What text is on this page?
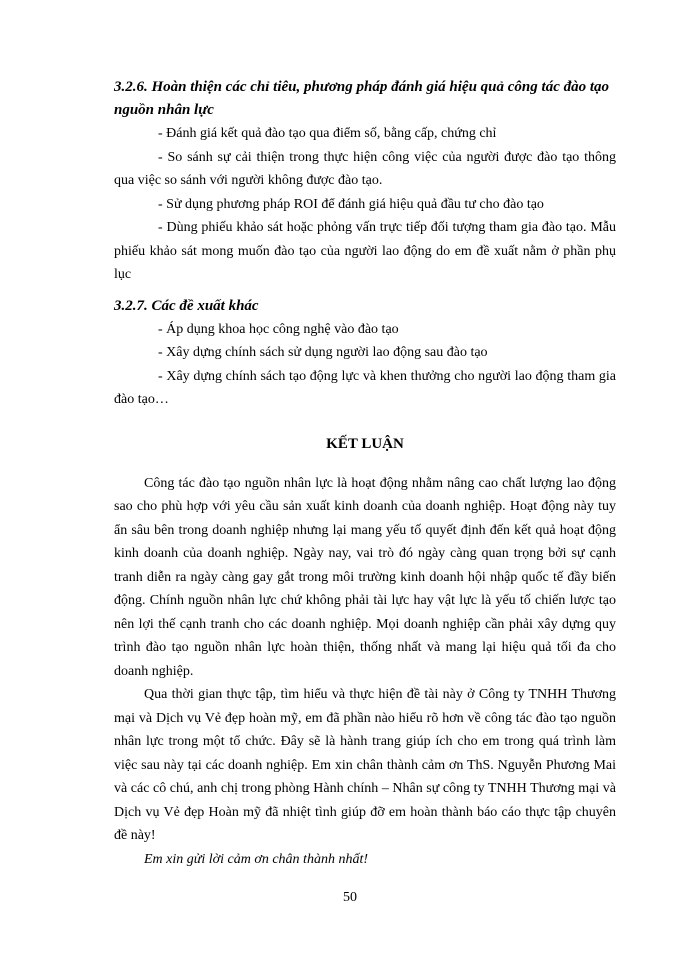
3.2.6. Hoàn thiện các chỉ tiêu, phương pháp đánh giá hiệu quả công tác đào tạo nguồn nhân lực

- Đánh giá kết quả đào tạo qua điểm số, bằng cấp, chứng chỉ

- So sánh sự cải thiện trong thực hiện công việc của người được đào tạo thông qua việc so sánh với người không được đào tạo.

- Sử dụng phương pháp ROI để đánh giá hiệu quả đầu tư cho đào tạo

- Dùng phiếu khảo sát hoặc phỏng vấn trực tiếp đối tượng tham gia đào tạo. Mẫu phiếu khảo sát mong muốn đào tạo của người lao động do em đề xuất nằm ở phần phụ lục

3.2.7. Các đề xuất khác

- Áp dụng khoa học công nghệ vào đào tạo

- Xây dựng chính sách sử dụng người lao động sau đào tạo

- Xây dựng chính sách tạo động lực và khen thưởng cho người lao động tham gia đào tạo…

KẾT LUẬN

Công tác đào tạo nguồn nhân lực là hoạt động nhằm nâng cao chất lượng lao động sao cho phù hợp với yêu cầu sản xuất kinh doanh của doanh nghiệp. Hoạt động này tuy ẩn sâu bên trong doanh nghiệp nhưng lại mang yếu tố quyết định đến kết quả hoạt động kinh doanh của doanh nghiệp. Ngày nay, vai trò đó ngày càng quan trọng bởi sự cạnh tranh diễn ra ngày càng gay gắt trong môi trường kinh doanh hội nhập quốc tế đầy biến động. Chính nguồn nhân lực chứ không phải tài lực hay vật lực là yếu tố chiến lược tạo nên lợi thế cạnh tranh cho các doanh nghiệp. Mọi doanh nghiệp cần phải xây dựng quy trình đào tạo nguồn nhân lực hoàn thiện, thống nhất và mang lại hiệu quả tối đa cho doanh nghiệp.

Qua thời gian thực tập, tìm hiểu và thực hiện đề tài này ở Công ty TNHH Thương mại và Dịch vụ Vẻ đẹp hoàn mỹ, em đã phần nào hiểu rõ hơn về công tác đào tạo nguồn nhân lực trong một tổ chức. Đây sẽ là hành trang giúp ích cho em trong quá trình làm việc sau này tại các doanh nghiệp. Em xin chân thành cảm ơn ThS. Nguyễn Phương Mai và các cô chú, anh chị trong phòng Hành chính – Nhân sự công ty TNHH Thương mại và Dịch vụ Vẻ đẹp Hoàn mỹ đã nhiệt tình giúp đỡ em hoàn thành báo cáo thực tập chuyên đề này!

Em xin gửi lời cảm ơn chân thành nhất!

50
